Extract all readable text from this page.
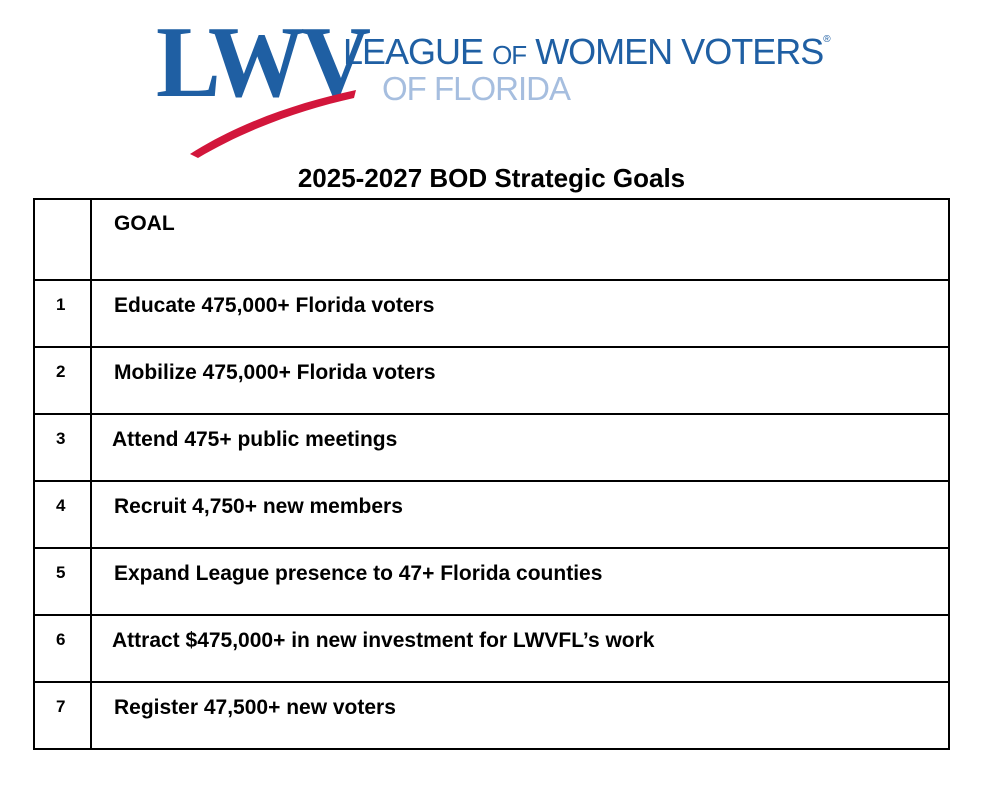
LWV
LEAGUE OF WOMEN VOTERS®
OF FLORIDA
2025-2027 BOD Strategic Goals
	GOAL
1	Educate 475,000+ Florida voters
2	Mobilize 475,000+ Florida voters
3	Attend 475+ public meetings
4	Recruit 4,750+ new members
5	Expand League presence to 47+ Florida counties
6	Attract $475,000+ in new investment for LWVFL’s work
7	Register 47,500+ new voters
